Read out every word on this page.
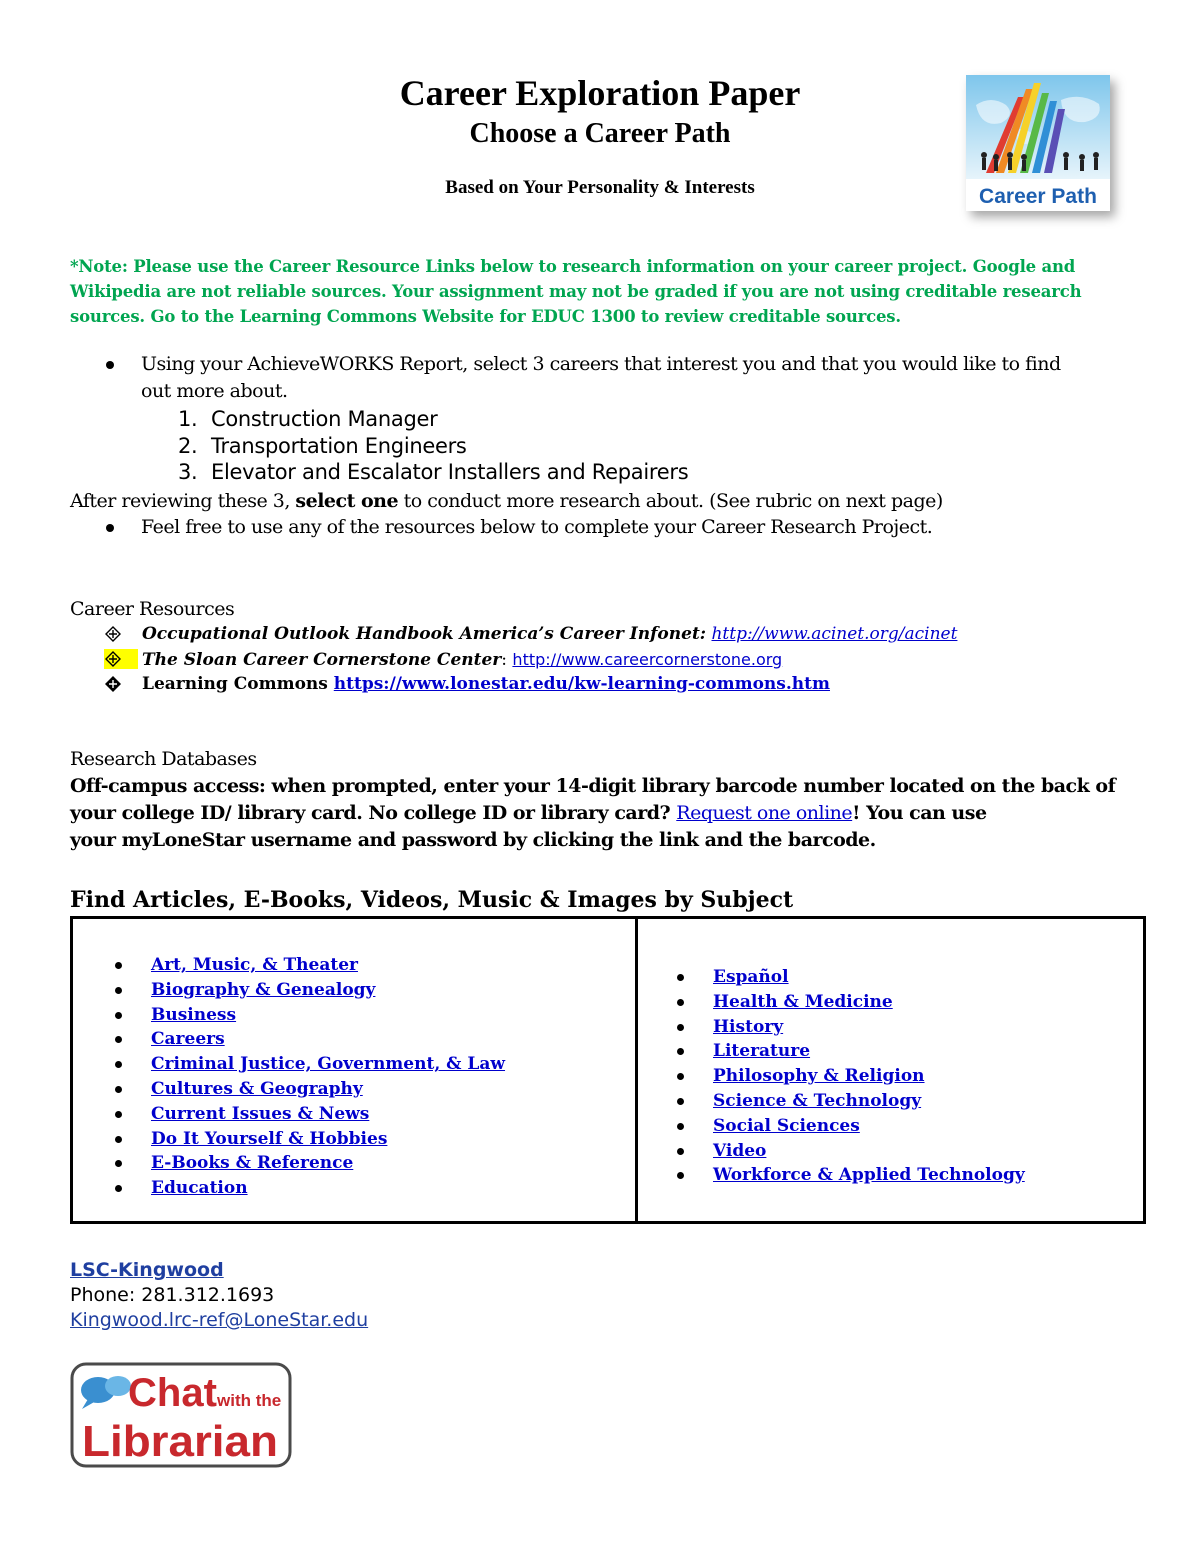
Career Exploration Paper
Choose a Career Path
Based on Your Personality & Interests	Career Path
*Note: Please use the Career Resource Links below to research information on your career project. Google and Wikipedia are not reliable sources. Your assignment may not be graded if you are not using creditable research sources. Go to the Learning Commons Website for EDUC 1300 to review creditable sources.
Using your AchieveWORKS Report, select 3 careers that interest you and that you would like to find
out more about.
1. Construction Manager
2. Transportation Engineers
3. Elevator and Escalator Installers and Repairers
After reviewing these 3, select one to conduct more research about. (See rubric on next page)
Feel free to use any of the resources below to complete your Career Research Project.
Career Resources
Occupational Outlook Handbook America’s Career Infonet: http://www.acinet.org/acinet
The Sloan Career Cornerstone Center: http://www.careercornerstone.org
Learning Commons https://www.lonestar.edu/kw-learning-commons.htm
Research Databases
Off-campus access: when prompted, enter your 14-digit library barcode number located on the back of
your college ID/ library card. No college ID or library card? Request one online! You can use
your myLoneStar username and password by clicking the link and the barcode.
Find Articles, E-Books, Videos, Music & Images by Subject
Art, Music, & Theater
Biography & Genealogy
Business
Careers
Criminal Justice, Government, & Law
Cultures & Geography
Current Issues & News
Do It Yourself & Hobbies
E-Books & Reference
Education
Español
Health & Medicine
History
Literature
Philosophy & Religion
Science & Technology
Social Sciences
Video
Workforce & Applied Technology
LSC-Kingwood
Phone: 281.312.1693
Kingwood.lrc-ref@LoneStar.edu
Chat with the
Librarian
